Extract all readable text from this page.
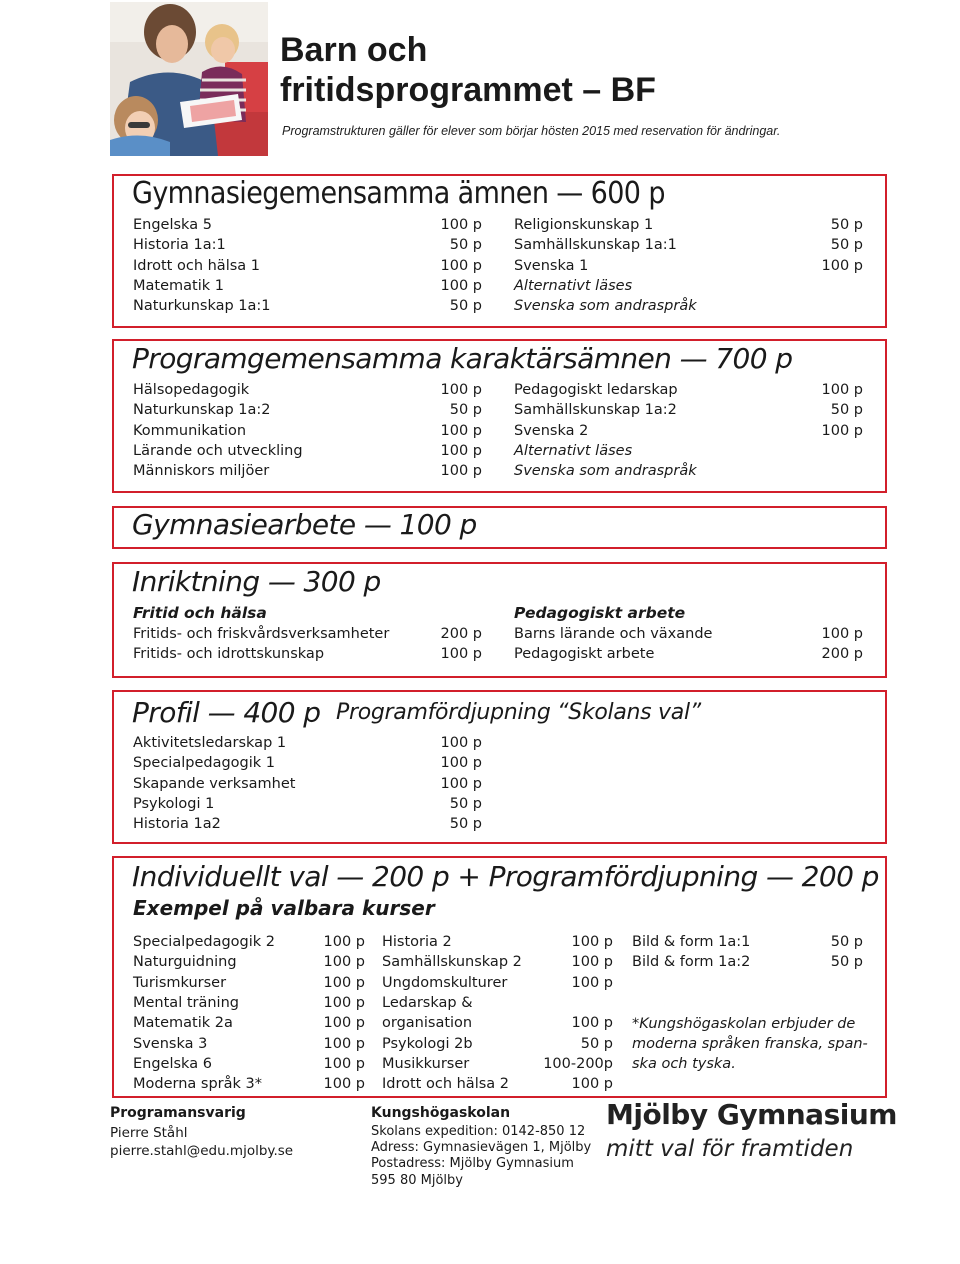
Barn och
fritidsprogrammet – BF
Programstrukturen gäller för elever som börjar hösten 2015 med reservation för ändringar.
Gymnasiegemensamma ämnen — 600 p
Engelska 5	100 p
Historia 1a:1	50 p
Idrott och hälsa 1	100 p
Matematik 1	100 p
Naturkunskap 1a:1	50 p
Religionskunskap 1	50 p
Samhällskunskap 1a:1	50 p
Svenska 1	100 p
Alternativt läses
Svenska som andraspråk
Programgemensamma karaktärsämnen — 700 p
Hälsopedagogik	100 p
Naturkunskap 1a:2	50 p
Kommunikation	100 p
Lärande och utveckling	100 p
Människors miljöer	100 p
Pedagogiskt ledarskap	100 p
Samhällskunskap 1a:2	50 p
Svenska 2	100 p
Alternativt läses
Svenska som andraspråk
Gymnasiearbete — 100 p
Inriktning — 300 p
Fritid och hälsa	Pedagogiskt arbete
Fritids- och friskvårdsverksamheter	200 p
Fritids- och idrottskunskap	100 p
Barns lärande och växande	100 p
Pedagogiskt arbete	200 p
Profil — 400 p Programfördjupning “Skolans val”
Aktivitetsledarskap 1	100 p
Specialpedagogik 1	100 p
Skapande verksamhet	100 p
Psykologi 1	50 p
Historia 1a2	50 p
Individuellt val — 200 p + Programfördjupning — 200 p
Exempel på valbara kurser
Specialpedagogik 2	100 p
Naturguidning	100 p
Turismkurser	100 p
Mental träning	100 p
Matematik 2a	100 p
Svenska 3	100 p
Engelska 6	100 p
Moderna språk 3*	100 p
Historia 2	100 p
Samhällskunskap 2	100 p
Ungdomskulturer	100 p
Ledarskap &
organisation	100 p
Psykologi 2b	50 p
Musikkurser	100-200p
Idrott och hälsa 2	100 p
Bild & form 1a:1	50 p
Bild & form 1a:2	50 p
*Kungshögaskolan erbjuder de
moderna språken franska, span-
ska och tyska.
Programansvarig
Pierre Ståhl
pierre.stahl@edu.mjolby.se
Kungshögaskolan
Skolans expedition: 0142-850 12
Adress: Gymnasievägen 1, Mjölby
Postadress: Mjölby Gymnasium
595 80 Mjölby
Mjölby Gymnasium
mitt val för framtiden
